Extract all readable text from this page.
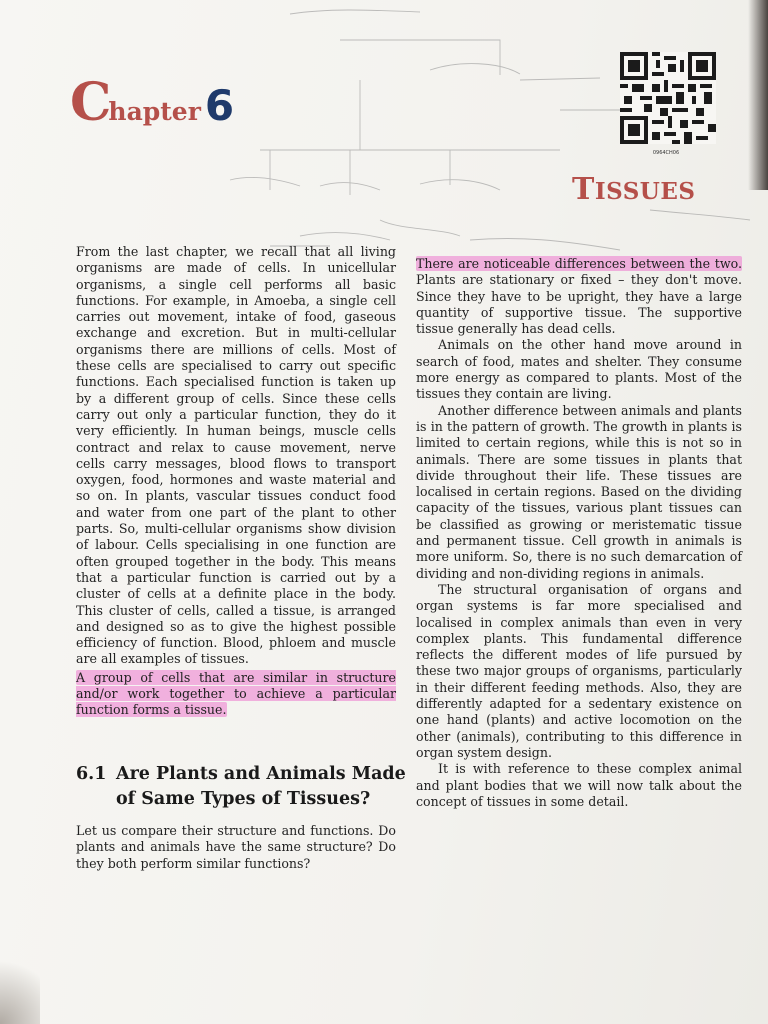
Chapter6
0964CH06
TISSUES

From the last chapter, we recall that all living organisms are made of cells. In unicellular organisms, a single cell performs all basic functions. For example, in Amoeba, a single cell carries out movement, intake of food, gaseous exchange and excretion. But in multi-cellular organisms there are millions of cells. Most of these cells are specialised to carry out specific functions. Each specialised function is taken up by a different group of cells. Since these cells carry out only a particular function, they do it very efficiently. In human beings, muscle cells contract and relax to cause movement, nerve cells carry messages, blood flows to transport oxygen, food, hormones and waste material and so on. In plants, vascular tissues conduct food and water from one part of the plant to other parts. So, multi-cellular organisms show division of labour. Cells specialising in one function are often grouped together in the body. This means that a particular function is carried out by a cluster of cells at a definite place in the body. This cluster of cells, called a tissue, is arranged and designed so as to give the highest possible efficiency of function. Blood, phloem and muscle are all examples of tissues.

A group of cells that are similar in structure and/or work together to achieve a particular function forms a tissue.

6.1 Are Plants and Animals Made
of Same Types of Tissues?

Let us compare their structure and functions. Do plants and animals have the same structure? Do they both perform similar functions?

There are noticeable differences between the two. Plants are stationary or fixed – they don't move. Since they have to be upright, they have a large quantity of supportive tissue. The supportive tissue generally has dead cells.

Animals on the other hand move around in search of food, mates and shelter. They consume more energy as compared to plants. Most of the tissues they contain are living.

Another difference between animals and plants is in the pattern of growth. The growth in plants is limited to certain regions, while this is not so in animals. There are some tissues in plants that divide throughout their life. These tissues are localised in certain regions. Based on the dividing capacity of the tissues, various plant tissues can be classified as growing or meristematic tissue and permanent tissue. Cell growth in animals is more uniform. So, there is no such demarcation of dividing and non-dividing regions in animals.

The structural organisation of organs and organ systems is far more specialised and localised in complex animals than even in very complex plants. This fundamental difference reflects the different modes of life pursued by these two major groups of organisms, particularly in their different feeding methods. Also, they are differently adapted for a sedentary existence on one hand (plants) and active locomotion on the other (animals), contributing to this difference in organ system design.

It is with reference to these complex animal and plant bodies that we will now talk about the concept of tissues in some detail.
